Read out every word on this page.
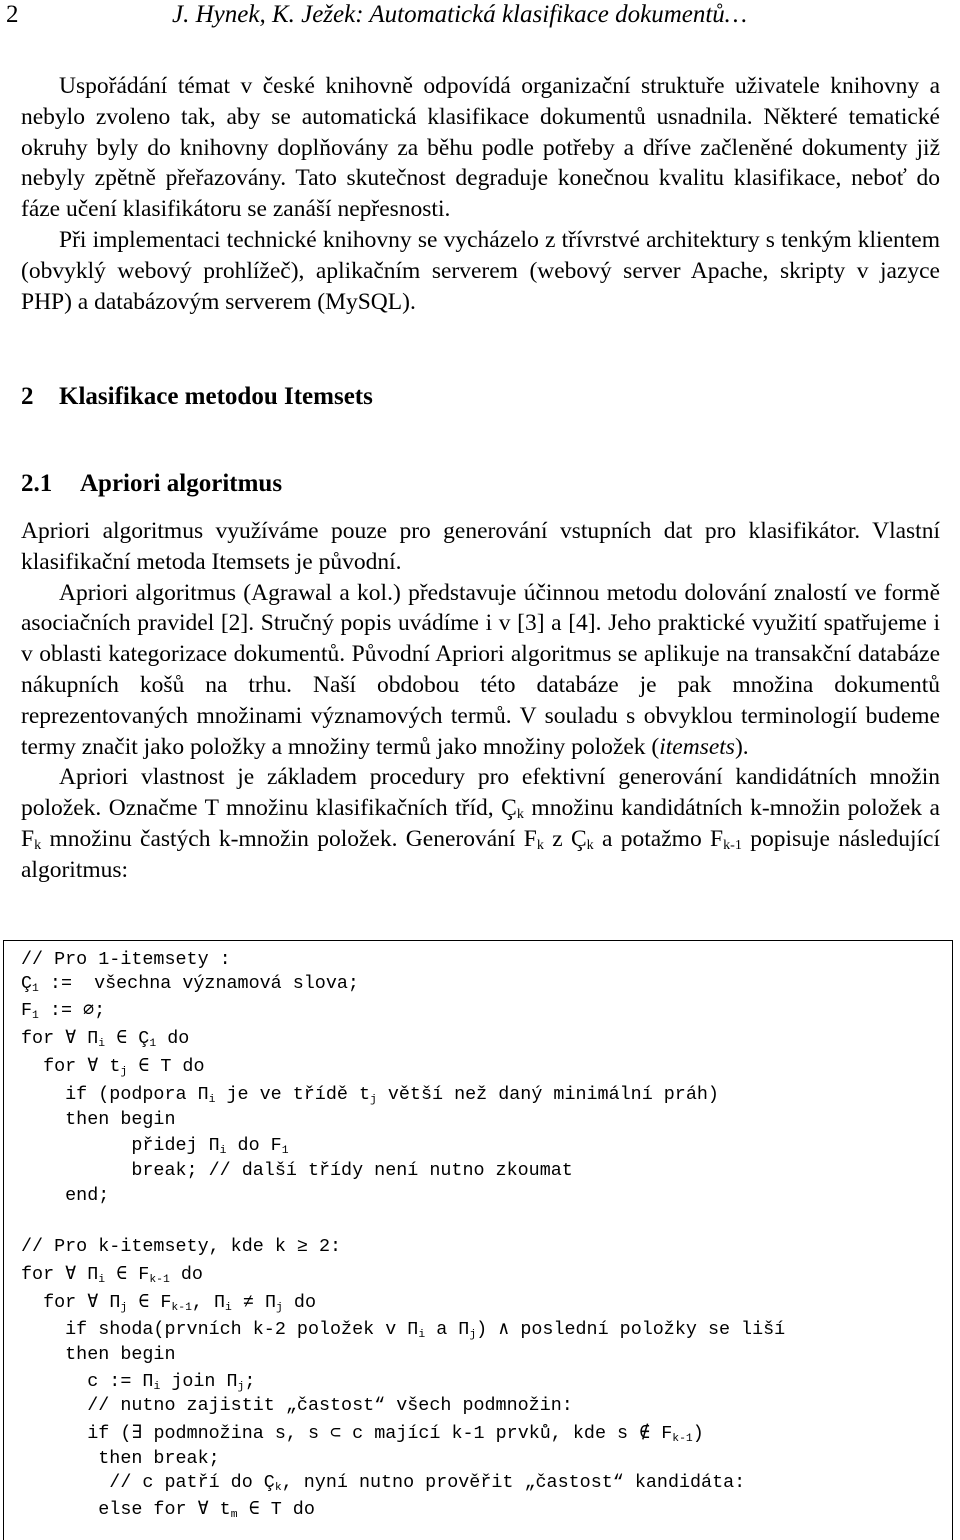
2	J. Hynek, K. Ježek: Automatická klasifikace dokumentů…

Uspořádání témat v české knihovně odpovídá organizační struktuře uživatele knihovny a nebylo zvoleno tak, aby se automatická klasifikace dokumentů usnadnila. Některé tematické okruhy byly do knihovny doplňovány za běhu podle potřeby a dříve začleněné dokumenty již nebyly zpětně přeřazovány. Tato skutečnost degraduje konečnou kvalitu klasifikace, neboť do fáze učení klasifikátoru se zanáší nepřesnosti.

Při implementaci technické knihovny se vycházelo z třívrstvé architektury s tenkým klientem (obvyklý webový prohlížeč), aplikačním serverem (webový server Apache, skripty v jazyce PHP) a databázovým serverem (MySQL).

2 Klasifikace metodou Itemsets
2.1 Apriori algoritmus

Apriori algoritmus využíváme pouze pro generování vstupních dat pro klasifikátor. Vlastní klasifikační metoda Itemsets je původní.

Apriori algoritmus (Agrawal a kol.) představuje účinnou metodu dolování znalostí ve formě asociačních pravidel [2]. Stručný popis uvádíme i v [3] a [4]. Jeho praktické využití spatřujeme i v oblasti kategorizace dokumentů. Původní Apriori algoritmus se aplikuje na transakční databáze nákupních košů na trhu. Naší obdobou této databáze je pak množina dokumentů reprezentovaných množinami významových termů. V souladu s obvyklou terminologií budeme termy značit jako položky a množiny termů jako množiny položek (itemsets).

Apriori vlastnost je základem procedury pro efektivní generování kandidátních množin položek. Označme T množinu klasifikačních tříd, $Ç_k$ množinu kandidátních k-množin položek a $F_k$ množinu častých k-množin položek. Generování $F_k$ z $Ç_k$ a potažmo $F_{k-1}$ popisuje následující algoritmus:

// Pro 1-itemsety :
$Ç_1$ :=  všechna významová slova;
$F_1$ := ∅;
for ∀ $\Pi_i$ ∈ $Ç_1$ do
for ∀ $t_j$ ∈ T do
if (podpora $\Pi_i$ je ve třídě $t_j$ větší než daný minimální práh)
then begin
přidej $\Pi_i$ do $F_1$
break; // další třídy není nutno zkoumat
end;
// Pro k-itemsety, kde k ≥ 2:
for ∀ $\Pi_i$ ∈ $F_{k-1}$ do
for ∀ $\Pi_j$ ∈ $F_{k-1}$, $\Pi_i \ne \Pi_j$ do
if shoda(prvních k-2 položek v $\Pi_i$ a $\Pi_j$) ∧ poslední položky se liší
then begin
c := $\Pi_i$ join $\Pi_j$;
// nutno zajistit „častost“ všech podmnožin:
if (∃ podmnožina s, s ⊂ c mající k-1 prvků, kde s ∉ $F_{k-1}$)
then break;
// c patří do $Ç_k$, nyní nutno prověřit „častost“ kandidáta:
else for ∀ $t_m$ ∈ T do
